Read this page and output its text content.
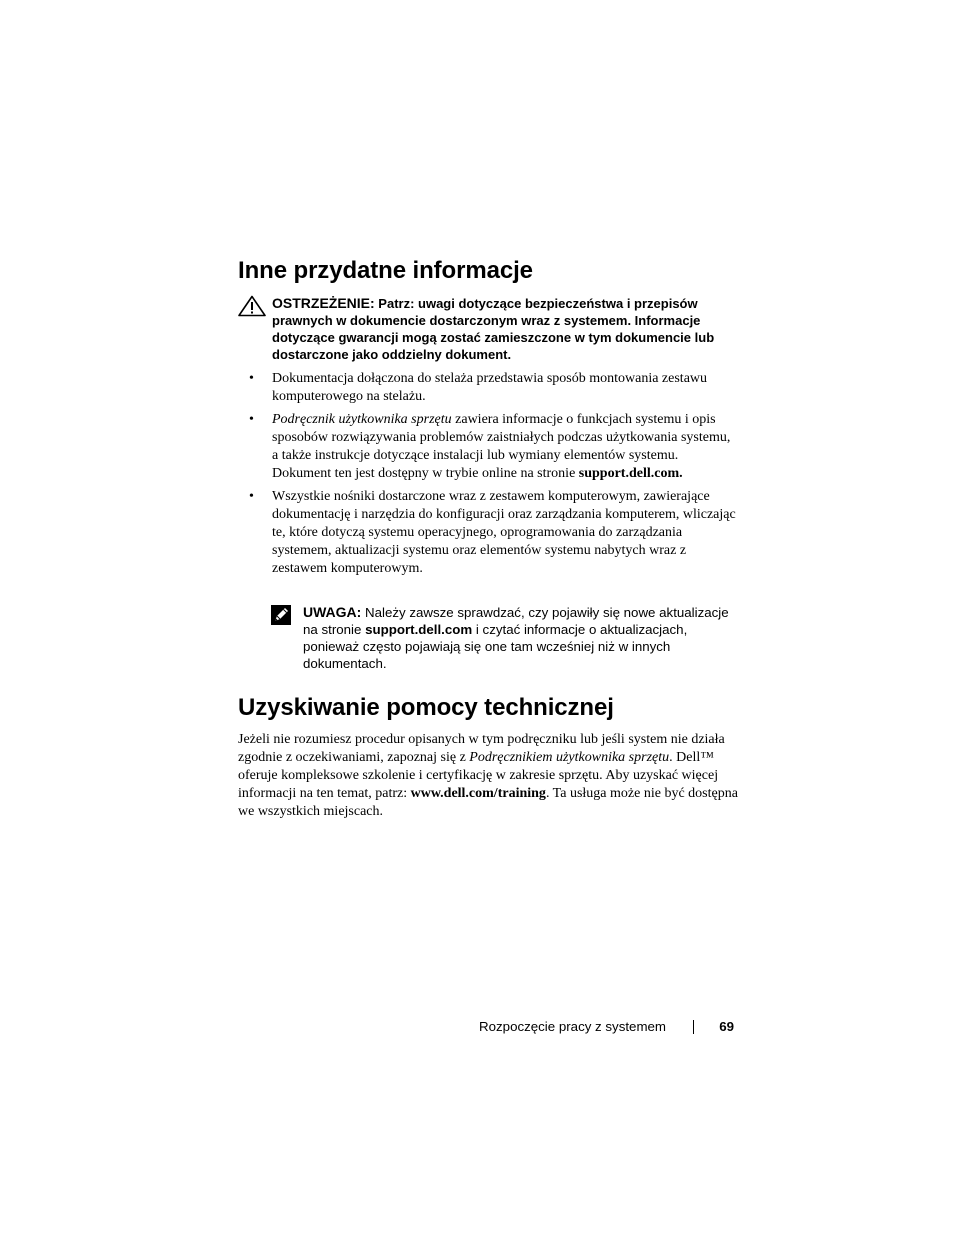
Inne przydatne informacje
OSTRZEŻENIE: Patrz: uwagi dotyczące bezpieczeństwa i przepisów prawnych w dokumencie dostarczonym wraz z systemem. Informacje dotyczące gwarancji mogą zostać zamieszczone w tym dokumencie lub dostarczone jako oddzielny dokument.
• Dokumentacja dołączona do stelaża przedstawia sposób montowania zestawu komputerowego na stelażu.
• Podręcznik użytkownika sprzętu zawiera informacje o funkcjach systemu i opis sposobów rozwiązywania problemów zaistniałych podczas użytkowania systemu, a także instrukcje dotyczące instalacji lub wymiany elementów systemu. Dokument ten jest dostępny w trybie online na stronie support.dell.com.
• Wszystkie nośniki dostarczone wraz z zestawem komputerowym, zawierające dokumentację i narzędzia do konfiguracji oraz zarządzania komputerem, wliczając te, które dotyczą systemu operacyjnego, oprogramowania do zarządzania systemem, aktualizacji systemu oraz elementów systemu nabytych wraz z zestawem komputerowym.
UWAGA: Należy zawsze sprawdzać, czy pojawiły się nowe aktualizacje na stronie support.dell.com i czytać informacje o aktualizacjach, ponieważ często pojawiają się one tam wcześniej niż w innych dokumentach.
Uzyskiwanie pomocy technicznej

Jeżeli nie rozumiesz procedur opisanych w tym podręczniku lub jeśli system nie działa zgodnie z oczekiwaniami, zapoznaj się z Podręcznikiem użytkownika sprzętu. Dell™ oferuje kompleksowe szkolenie i certyfikację w zakresie sprzętu. Aby uzyskać więcej informacji na ten temat, patrz: www.dell.com/training. Ta usługa może nie być dostępna we wszystkich miejscach.

Rozpoczęcie pracy z systemem	69
